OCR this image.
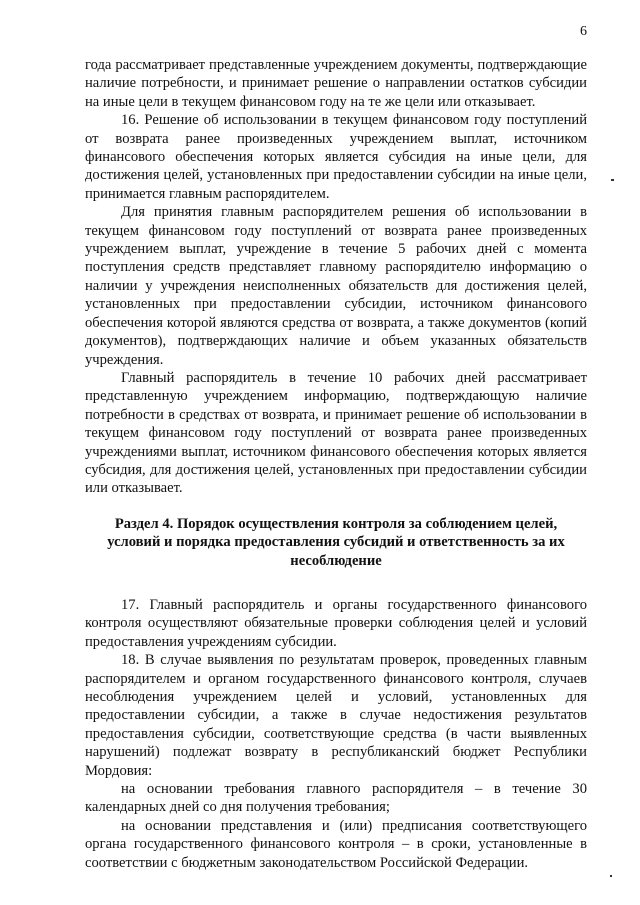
6

года рассматривает представленные учреждением документы, подтверждающие наличие потребности, и принимает решение о направлении остатков субсидии на иные цели в текущем финансовом году на те же цели или отказывает.

16. Решение об использовании в текущем финансовом году поступлений от возврата ранее произведенных учреждением выплат, источником финансового обеспечения которых является субсидия на иные цели, для достижения целей, установленных при предоставлении субсидии на иные цели, принимается главным распорядителем.

Для принятия главным распорядителем решения об использовании в текущем финансовом году поступлений от возврата ранее произведенных учреждением выплат, учреждение в течение 5 рабочих дней с момента поступления средств представляет главному распорядителю информацию о наличии у учреждения неисполненных обязательств для достижения целей, установленных при предоставлении субсидии, источником финансового обеспечения которой являются средства от возврата, а также документов (копий документов), подтверждающих наличие и объем указанных обязательств учреждения.

Главный распорядитель в течение 10 рабочих дней рассматривает представленную учреждением информацию, подтверждающую наличие потребности в средствах от возврата, и принимает решение об использовании в текущем финансовом году поступлений от возврата ранее произведенных учреждениями выплат, источником финансового обеспечения которых является субсидия, для достижения целей, установленных при предоставлении субсидии или отказывает.

Раздел 4. Порядок осуществления контроля за соблюдением целей,
условий и порядка предоставления субсидий и ответственность за их
несоблюдение

17. Главный распорядитель и органы государственного финансового контроля осуществляют обязательные проверки соблюдения целей и условий предоставления учреждениям субсидии.

18. В случае выявления по результатам проверок, проведенных главным распорядителем и органом государственного финансового контроля, случаев несоблюдения учреждением целей и условий, установленных для предоставлении субсидии, а также в случае недостижения результатов предоставления субсидии, соответствующие средства (в части выявленных нарушений) подлежат возврату в республиканский бюджет Республики Мордовия:

на основании требования главного распорядителя – в течение 30 календарных дней со дня получения требования;

на основании представления и (или) предписания соответствующего органа государственного финансового контроля – в сроки, установленные в соответствии с бюджетным законодательством Российской Федерации.
